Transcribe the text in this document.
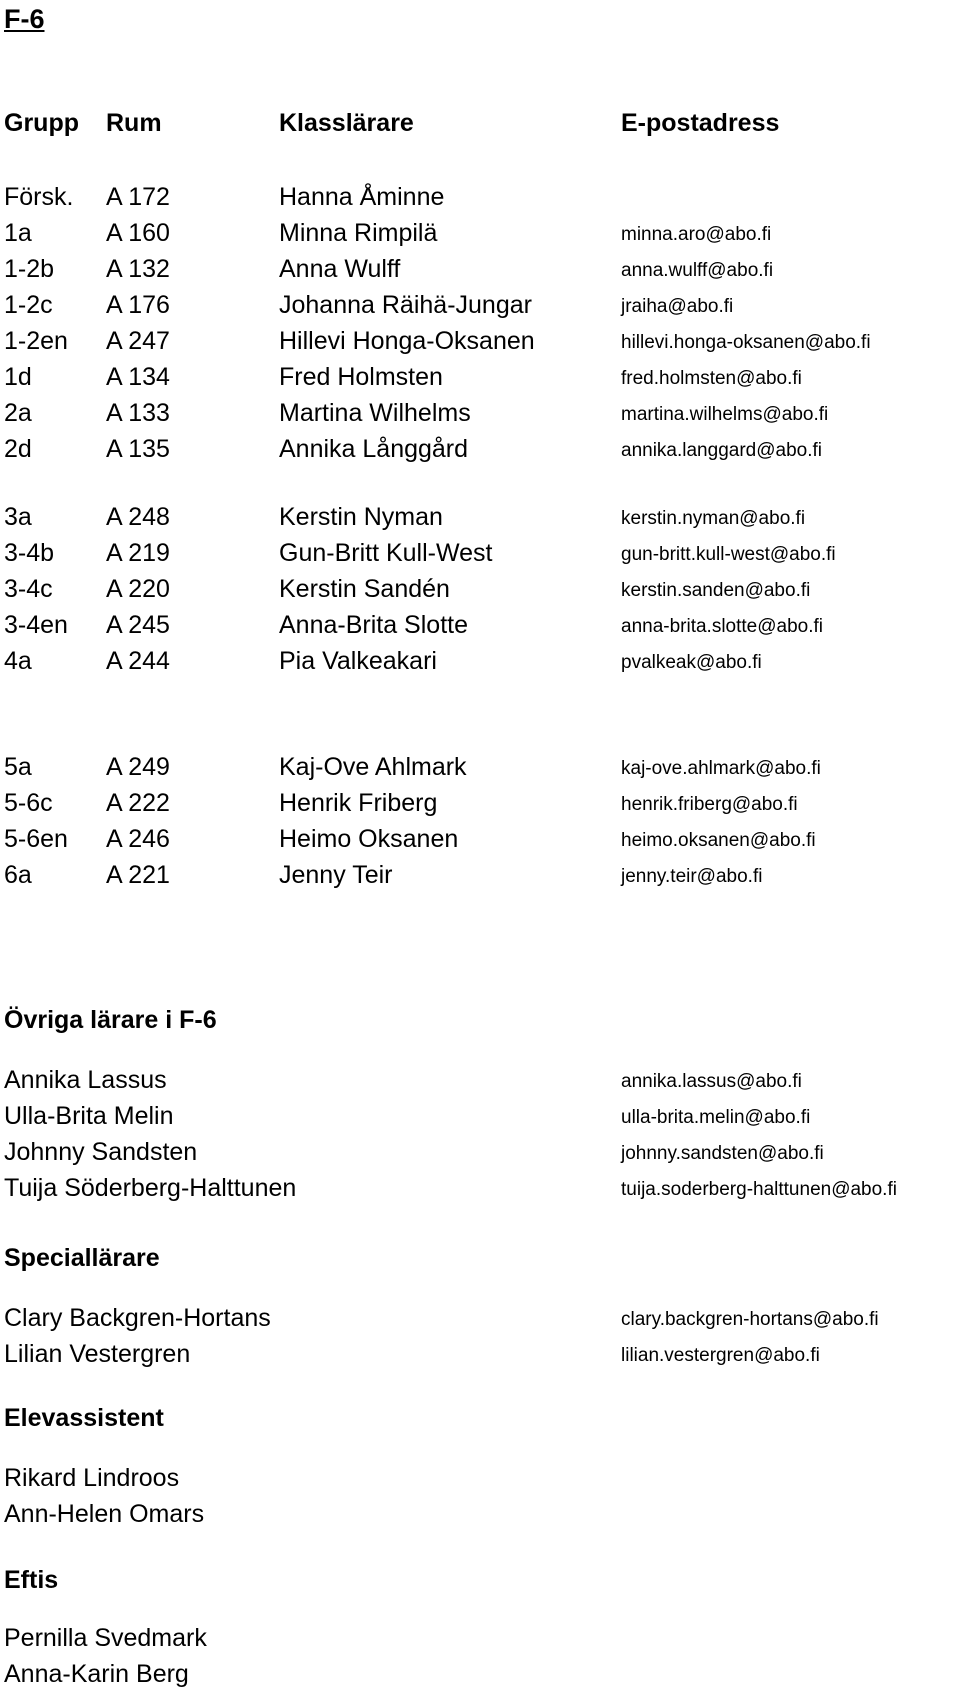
F-6
Grupp Rum	Klasslärare	E-postadress
Försk. A 172	Hanna Åminne
1a	A 160	Minna Rimpilä	minna.aro@abo.fi
1-2b A 132	Anna Wulff	anna.wulff@abo.fi
1-2c A 176	Johanna Räihä-Jungar	jraiha@abo.fi
1-2en A 247	Hillevi Honga-Oksanen	hillevi.honga-oksanen@abo.fi
1d	A 134	Fred Holmsten	fred.holmsten@abo.fi
2a	A 133	Martina Wilhelms	martina.wilhelms@abo.fi
2d	A 135	Annika Långgård	annika.langgard@abo.fi
3a	A 248	Kerstin Nyman	kerstin.nyman@abo.fi
3-4b A 219	Gun-Britt Kull-West	gun-britt.kull-west@abo.fi
3-4c A 220	Kerstin Sandén	kerstin.sanden@abo.fi
3-4en A 245	Anna-Brita Slotte	anna-brita.slotte@abo.fi
4a	A 244	Pia Valkeakari	pvalkeak@abo.fi
5a	A 249	Kaj-Ove Ahlmark	kaj-ove.ahlmark@abo.fi
5-6c A 222	Henrik Friberg	henrik.friberg@abo.fi
5-6en A 246	Heimo Oksanen	heimo.oksanen@abo.fi
6a	A 221	Jenny Teir	jenny.teir@abo.fi
Övriga lärare i F-6
Annika Lassus	annika.lassus@abo.fi
Ulla-Brita Melin	ulla-brita.melin@abo.fi
Johnny Sandsten	johnny.sandsten@abo.fi
Tuija Söderberg-Halttunen	tuija.soderberg-halttunen@abo.fi
Speciallärare
Clary Backgren-Hortans	clary.backgren-hortans@abo.fi
Lilian Vestergren	lilian.vestergren@abo.fi
Elevassistent
Rikard Lindroos
Ann-Helen Omars
Eftis
Pernilla Svedmark
Anna-Karin Berg
